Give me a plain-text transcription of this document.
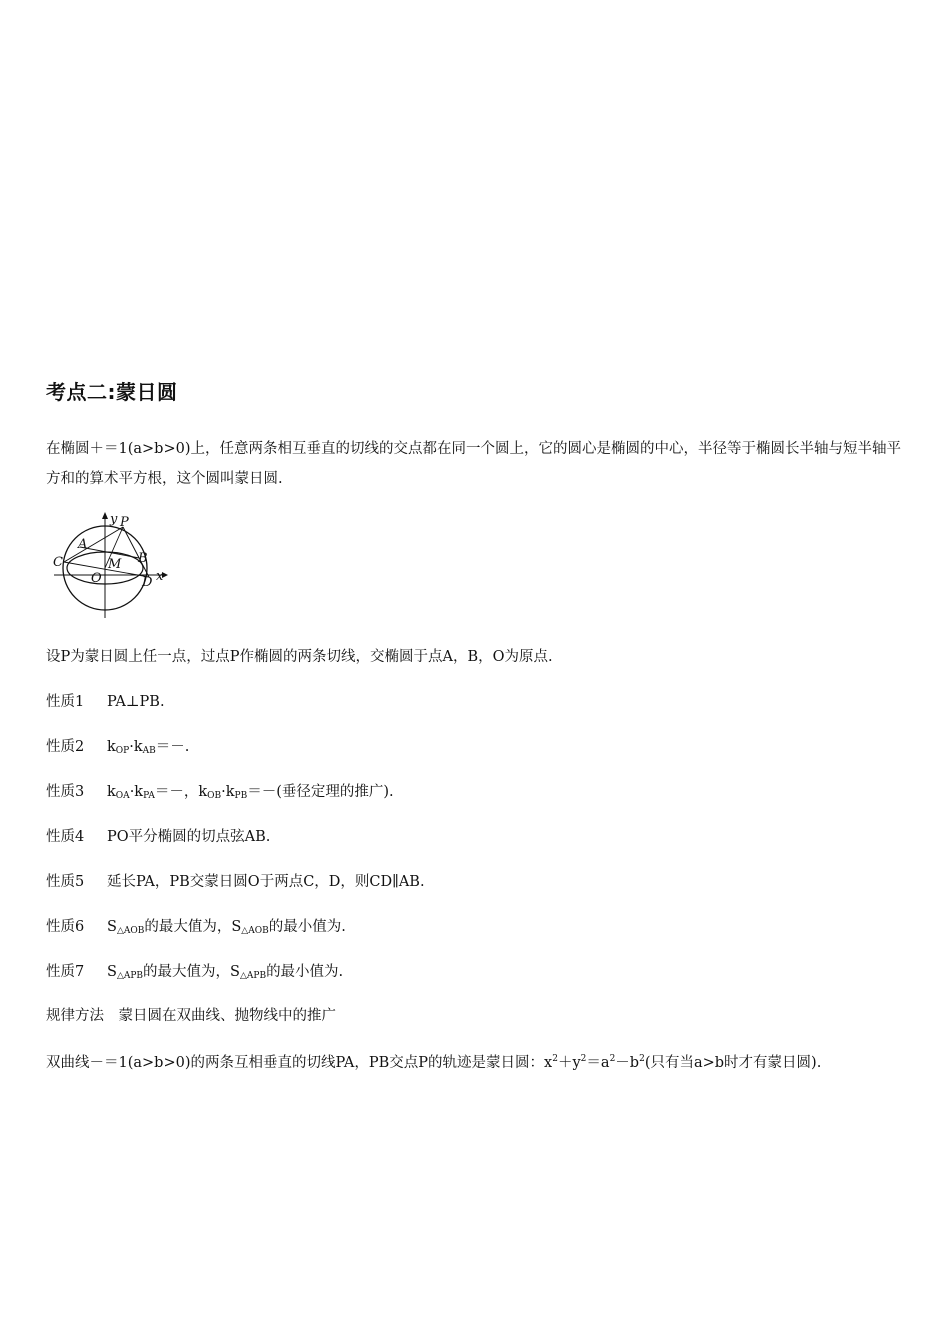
考点二:蒙日圆
在椭圆＋＝1(a>b>0)上，任意两条相互垂直的切线的交点都在同一个圆上，它的圆心是椭圆的中心，半径等于椭圆长半轴与短半轴平方和的算术平方根，这个圆叫蒙日圆.
y
x
P
A
B
C
D
M
O
设P为蒙日圆上任一点，过点P作椭圆的两条切线，交椭圆于点A，B，O为原点.
性质1 PA⊥PB.
性质2 $k_{OP}\cdot k_{AB}=-$.
性质3 $k_{OA}\cdot k_{PA}=-$，$k_{OB}\cdot k_{PB}=-$(垂径定理的推广).
性质4 PO平分椭圆的切点弦AB.
性质5 延长PA，PB交蒙日圆O于两点C，D，则CD∥AB.
性质6 $S_{\triangle AOB}$的最大值为，$S_{\triangle AOB}$的最小值为.
性质7 $S_{\triangle APB}$的最大值为，$S_{\triangle APB}$的最小值为.
规律方法　蒙日圆在双曲线、抛物线中的推广
双曲线－＝1(a>b>0)的两条互相垂直的切线PA，PB交点P的轨迹是蒙日圆：$x^2+y^2=a^2-b^2$(只有当a>b时才有蒙日圆).
